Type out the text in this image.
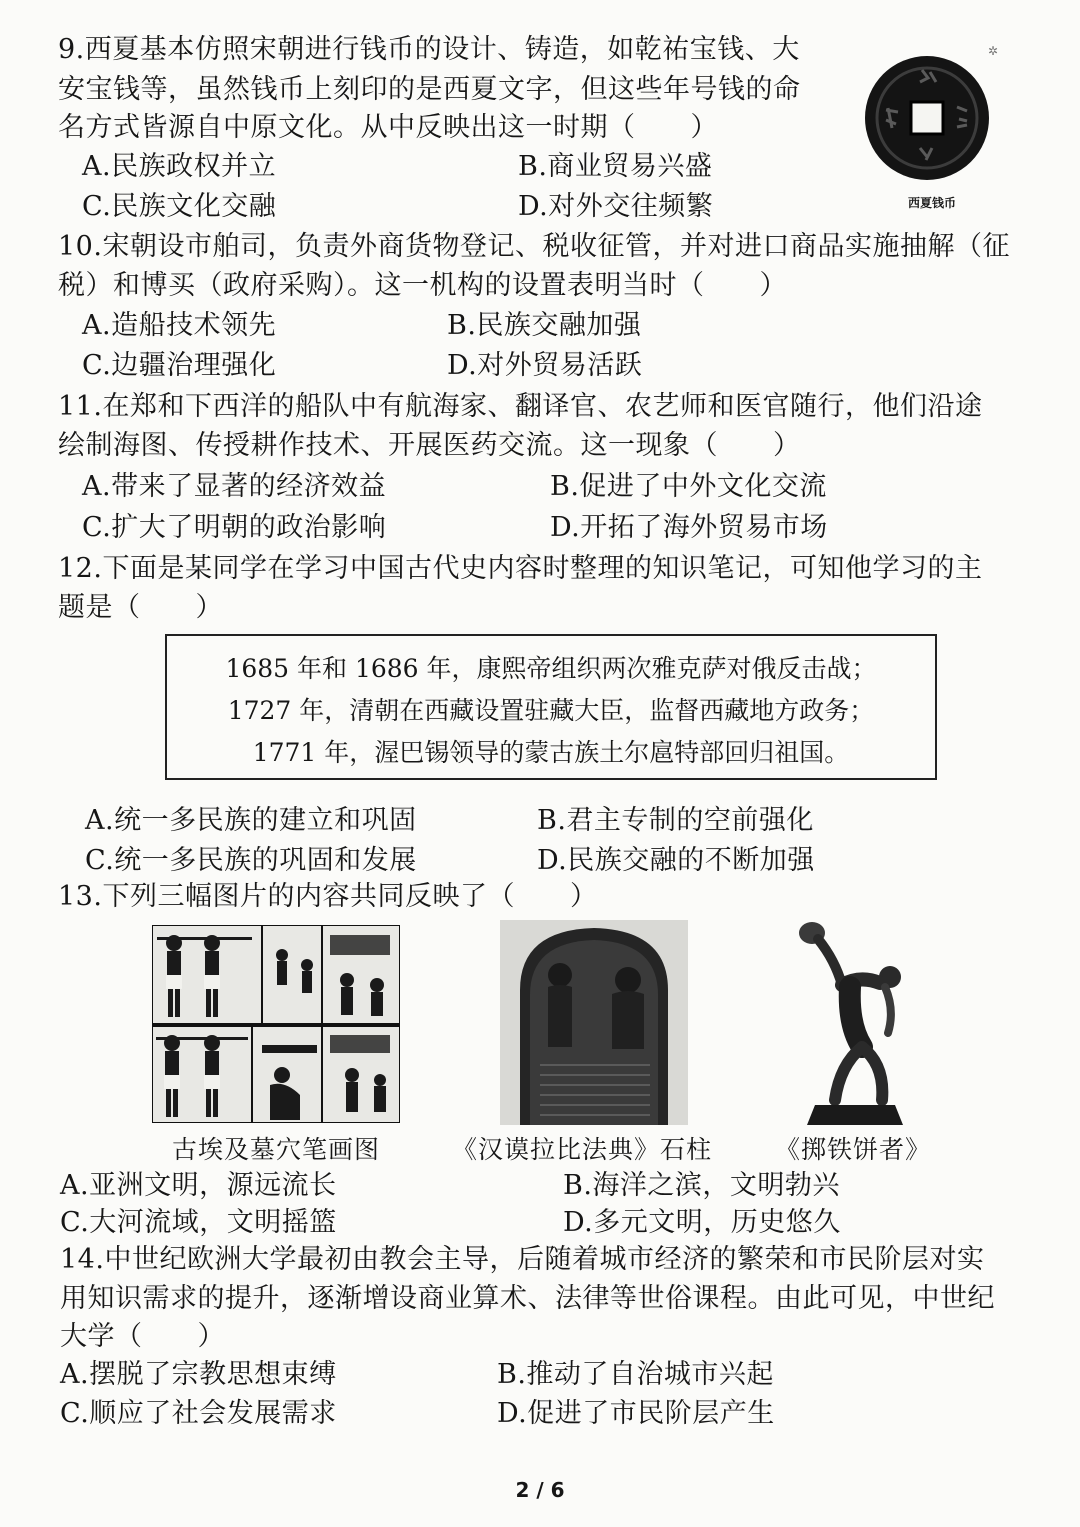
9.西夏基本仿照宋朝进行钱币的设计、铸造，如乾祐宝钱、大
安宝钱等，虽然钱币上刻印的是西夏文字，但这些年号钱的命
名方式皆源自中原文化。从中反映出这一时期（　　）
A.民族政权并立	B.商业贸易兴盛
C.民族文化交融	D.对外交往频繁
✲
西夏钱币
10.宋朝设市舶司，负责外商货物登记、税收征管，并对进口商品实施抽解（征
税）和博买（政府采购）。这一机构的设置表明当时（　　）
A.造船技术领先	B.民族交融加强
C.边疆治理强化	D.对外贸易活跃
11.在郑和下西洋的船队中有航海家、翻译官、农艺师和医官随行，他们沿途
绘制海图、传授耕作技术、开展医药交流。这一现象（　　）
A.带来了显著的经济效益	B.促进了中外文化交流
C.扩大了明朝的政治影响	D.开拓了海外贸易市场
12.下面是某同学在学习中国古代史内容时整理的知识笔记，可知他学习的主
题是（　　）
1685 年和 1686 年，康熙帝组织两次雅克萨对俄反击战；
1727 年，清朝在西藏设置驻藏大臣，监督西藏地方政务；
1771 年，渥巴锡领导的蒙古族土尔扈特部回归祖国。
A.统一多民族的建立和巩固	B.君主专制的空前强化
C.统一多民族的巩固和发展	D.民族交融的不断加强
13.下列三幅图片的内容共同反映了（　　）
古埃及墓穴笔画图	《汉谟拉比法典》石柱	《掷铁饼者》
A.亚洲文明，源远流长	B.海洋之滨，文明勃兴
C.大河流域，文明摇篮	D.多元文明，历史悠久
14.中世纪欧洲大学最初由教会主导，后随着城市经济的繁荣和市民阶层对实
用知识需求的提升，逐渐增设商业算术、法律等世俗课程。由此可见，中世纪
大学（　　）
A.摆脱了宗教思想束缚	B.推动了自治城市兴起
C.顺应了社会发展需求	D.促进了市民阶层产生
2 / 6
